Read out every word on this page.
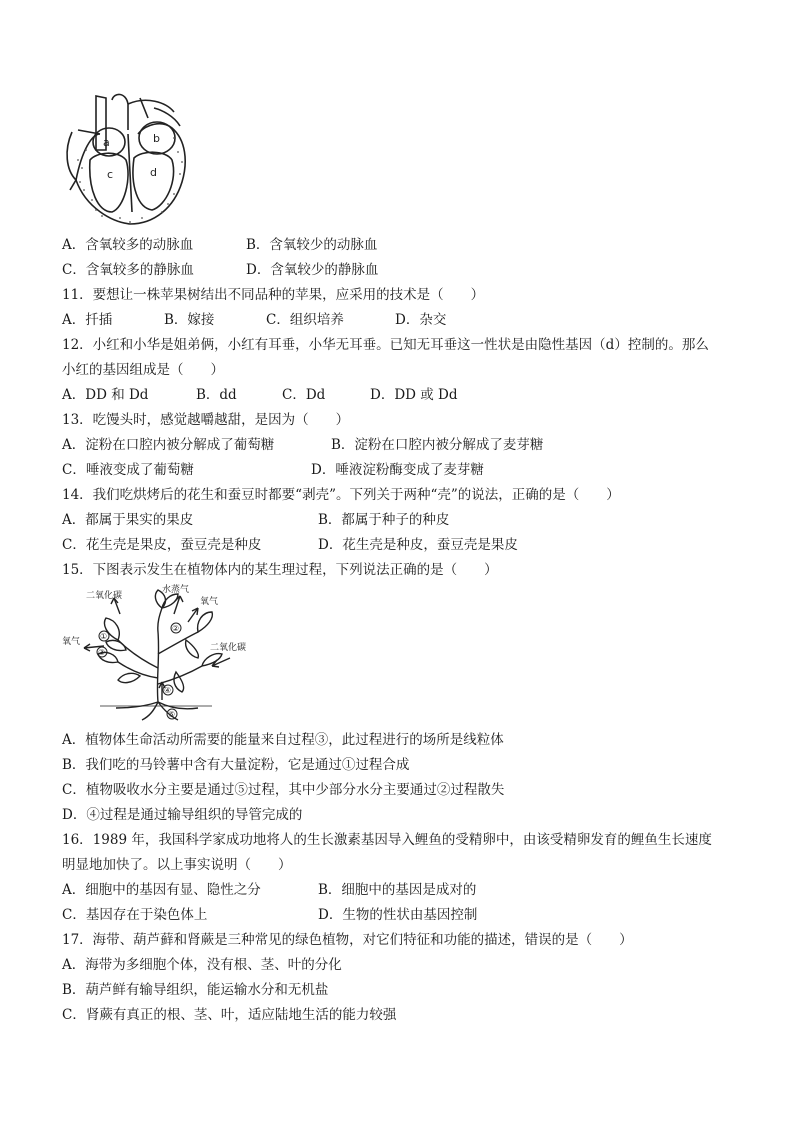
a	b
c	d
A．含氧较多的动脉血	B．含氧较少的动脉血
C．含氧较多的静脉血	D．含氧较少的静脉血
11．要想让一株苹果树结出不同品种的苹果，应采用的技术是（　　）
A．扦插	B．嫁接	C．组织培养	D．杂交
12．小红和小华是姐弟俩，小红有耳垂，小华无耳垂。已知无耳垂这一性状是由隐性基因（d）控制的。那么
小红的基因组成是（　　）
A．DD 和 Dd	B．dd	C．Dd	D．DD 或 Dd
13．吃馒头时，感觉越嚼越甜，是因为（　　）
A．淀粉在口腔内被分解成了葡萄糖	B．淀粉在口腔内被分解成了麦芽糖
C．唾液变成了葡萄糖	D．唾液淀粉酶变成了麦芽糖
14．我们吃烘烤后的花生和蚕豆时都要“剥壳”。下列关于两种“壳”的说法，正确的是（　　）
A．都属于果实的果皮	B．都属于种子的种皮
C．花生壳是果皮，蚕豆壳是种皮	D．花生壳是种皮，蚕豆壳是果皮
15．下图表示发生在植物体内的某生理过程，下列说法正确的是（　　）
二氧化碳
水蒸气
氧气
氧气
二氧化碳
①
②
③
④
⑤
A．植物体生命活动所需要的能量来自过程③，此过程进行的场所是线粒体
B．我们吃的马铃薯中含有大量淀粉，它是通过①过程合成
C．植物吸收水分主要是通过⑤过程，其中少部分水分主要通过②过程散失
D．④过程是通过输导组织的导管完成的
16．1989 年，我国科学家成功地将人的生长激素基因导入鲤鱼的受精卵中，由该受精卵发育的鲤鱼生长速度
明显地加快了。以上事实说明（　　）
A．细胞中的基因有显、隐性之分	B．细胞中的基因是成对的
C．基因存在于染色体上	D．生物的性状由基因控制
17．海带、葫芦藓和肾蕨是三种常见的绿色植物，对它们特征和功能的描述，错误的是（　　）
A．海带为多细胞个体，没有根、茎、叶的分化
B．葫芦鲜有输导组织，能运输水分和无机盐
C．肾蕨有真正的根、茎、叶，适应陆地生活的能力较强
